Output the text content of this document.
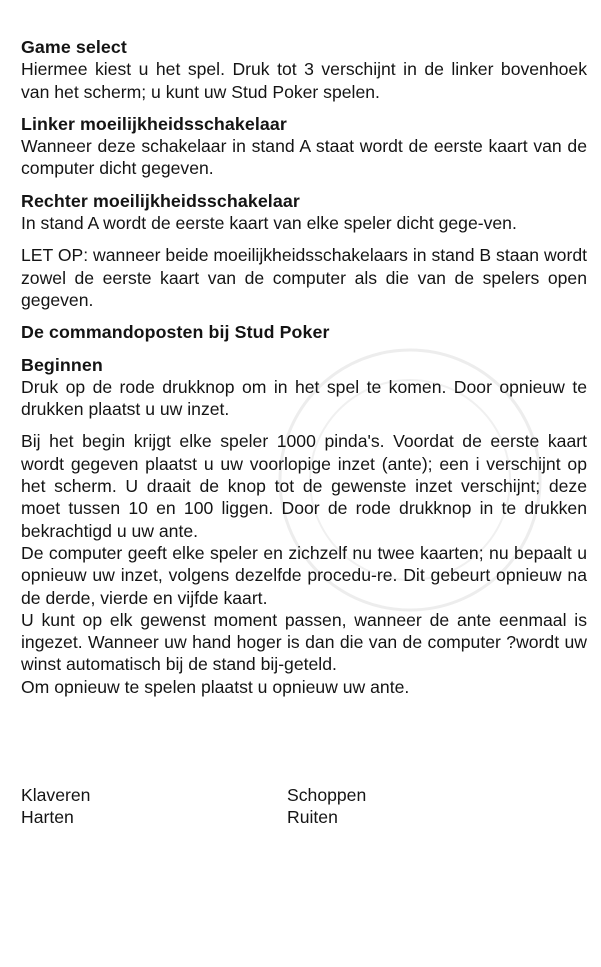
Game select

Hiermee kiest u het spel. Druk tot 3 verschijnt in de linker bovenhoek van het scherm; u kunt uw Stud Poker spelen.

Linker moeilijkheidsschakelaar

Wanneer deze schakelaar in stand A staat wordt de eerste kaart van de computer dicht gegeven.

Rechter moeilijkheidsschakelaar

In stand A wordt de eerste kaart van elke speler dicht gege-ven.

LET OP: wanneer beide moeilijkheidsschakelaars in stand B staan wordt zowel de eerste kaart van de computer als die van de spelers open gegeven.

De commandoposten bij Stud Poker
Beginnen

Druk op de rode drukknop om in het spel te komen. Door opnieuw te drukken plaatst u uw inzet.

Bij het begin krijgt elke speler 1000 pinda's. Voordat de eerste kaart wordt gegeven plaatst u uw voorlopige inzet (ante); een i verschijnt op het scherm. U draait de knop tot de gewenste inzet verschijnt; deze moet tussen 10 en 100 liggen. Door de rode drukknop in te drukken bekrachtigd u uw ante.

De computer geeft elke speler en zichzelf nu twee kaarten; nu bepaalt u opnieuw uw inzet, volgens dezelfde procedu-re. Dit gebeurt opnieuw na de derde, vierde en vijfde kaart.

U kunt op elk gewenst moment passen, wanneer de ante eenmaal is ingezet. Wanneer uw hand hoger is dan die van de computer ?wordt uw winst automatisch bij de stand bij-geteld.

Om opnieuw te spelen plaatst u opnieuw uw ante.

Klaveren	Schoppen
Harten	Ruiten
